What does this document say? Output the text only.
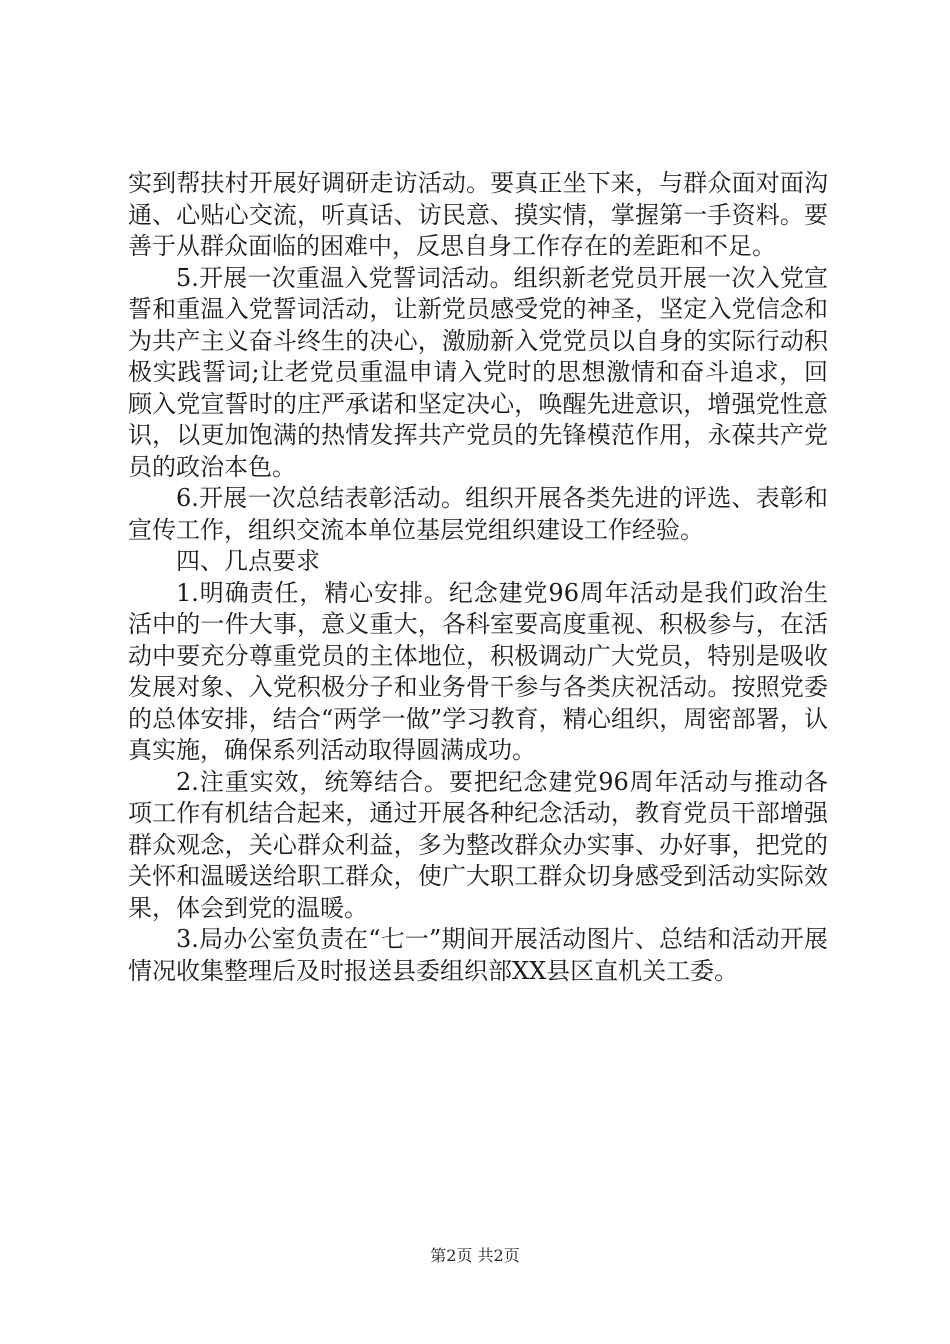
实到帮扶村开展好调研走访活动。要真正坐下来，与群众面对面沟通、心贴心交流，听真话、访民意、摸实情，掌握第一手资料。要善于从群众面临的困难中，反思自身工作存在的差距和不足。

5.开展一次重温入党誓词活动。组织新老党员开展一次入党宣誓和重温入党誓词活动，让新党员感受党的神圣，坚定入党信念和为共产主义奋斗终生的决心，激励新入党党员以自身的实际行动积极实践誓词;让老党员重温申请入党时的思想激情和奋斗追求，回顾入党宣誓时的庄严承诺和坚定决心，唤醒先进意识，增强党性意识，以更加饱满的热情发挥共产党员的先锋模范作用，永葆共产党员的政治本色。

6.开展一次总结表彰活动。组织开展各类先进的评选、表彰和宣传工作，组织交流本单位基层党组织建设工作经验。

四、几点要求

1.明确责任，精心安排。纪念建党96周年活动是我们政治生活中的一件大事，意义重大，各科室要高度重视、积极参与，在活动中要充分尊重党员的主体地位，积极调动广大党员，特别是吸收发展对象、入党积极分子和业务骨干参与各类庆祝活动。按照党委的总体安排，结合“两学一做”学习教育，精心组织，周密部署，认真实施，确保系列活动取得圆满成功。

2.注重实效，统筹结合。要把纪念建党96周年活动与推动各项工作有机结合起来，通过开展各种纪念活动，教育党员干部增强群众观念，关心群众利益，多为整改群众办实事、办好事，把党的关怀和温暖送给职工群众，使广大职工群众切身感受到活动实际效果，体会到党的温暖。

3.局办公室负责在“七一”期间开展活动图片、总结和活动开展情况收集整理后及时报送县委组织部XX县区直机关工委。

第2页 共2页
